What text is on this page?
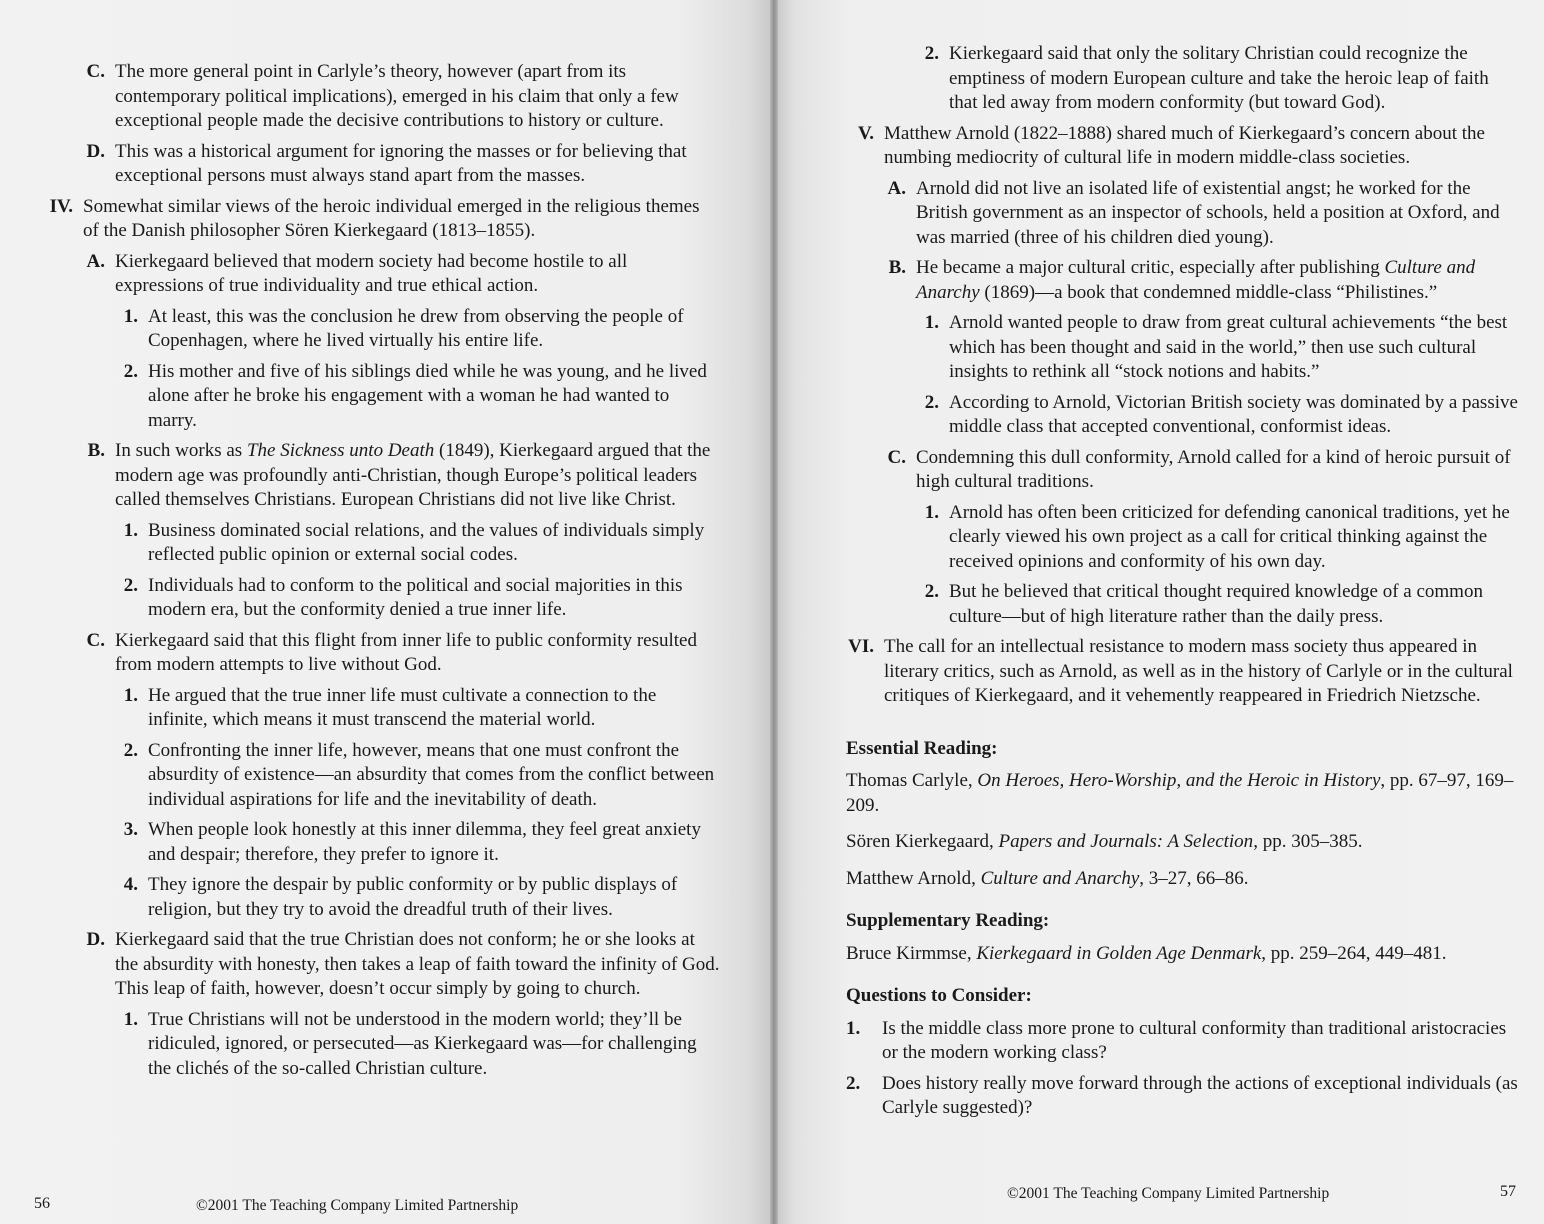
C. The more general point in Carlyle’s theory, however (apart from its contemporary political implications), emerged in his claim that only a few exceptional people made the decisive contributions to history or culture.
D. This was a historical argument for ignoring the masses or for believing that exceptional persons must always stand apart from the masses.
IV. Somewhat similar views of the heroic individual emerged in the religious themes of the Danish philosopher Sören Kierkegaard (1813–1855).
A. Kierkegaard believed that modern society had become hostile to all expressions of true individuality and true ethical action.
1. At least, this was the conclusion he drew from observing the people of Copenhagen, where he lived virtually his entire life.
2. His mother and five of his siblings died while he was young, and he lived alone after he broke his engagement with a woman he had wanted to marry.
B. In such works as The Sickness unto Death (1849), Kierkegaard argued that the modern age was profoundly anti-Christian, though Europe’s political leaders called themselves Christians. European Christians did not live like Christ.
1. Business dominated social relations, and the values of individuals simply reflected public opinion or external social codes.
2. Individuals had to conform to the political and social majorities in this modern era, but the conformity denied a true inner life.
C. Kierkegaard said that this flight from inner life to public conformity resulted from modern attempts to live without God.
1. He argued that the true inner life must cultivate a connection to the infinite, which means it must transcend the material world.
2. Confronting the inner life, however, means that one must confront the absurdity of existence—an absurdity that comes from the conflict between individual aspirations for life and the inevitability of death.
3. When people look honestly at this inner dilemma, they feel great anxiety and despair; therefore, they prefer to ignore it.
4. They ignore the despair by public conformity or by public displays of religion, but they try to avoid the dreadful truth of their lives.
D. Kierkegaard said that the true Christian does not conform; he or she looks at the absurdity with honesty, then takes a leap of faith toward the infinity of God. This leap of faith, however, doesn’t occur simply by going to church.
1. True Christians will not be understood in the modern world; they’ll be ridiculed, ignored, or persecuted—as Kierkegaard was—for challenging the clichés of the so-called Christian culture.
2. Kierkegaard said that only the solitary Christian could recognize the emptiness of modern European culture and take the heroic leap of faith that led away from modern conformity (but toward God).
V. Matthew Arnold (1822–1888) shared much of Kierkegaard’s concern about the numbing mediocrity of cultural life in modern middle-class societies.
A. Arnold did not live an isolated life of existential angst; he worked for the British government as an inspector of schools, held a position at Oxford, and was married (three of his children died young).
B. He became a major cultural critic, especially after publishing Culture and Anarchy (1869)—a book that condemned middle-class “Philistines.”
1. Arnold wanted people to draw from great cultural achievements “the best which has been thought and said in the world,” then use such cultural insights to rethink all “stock notions and habits.”
2. According to Arnold, Victorian British society was dominated by a passive middle class that accepted conventional, conformist ideas.
C. Condemning this dull conformity, Arnold called for a kind of heroic pursuit of high cultural traditions.
1. Arnold has often been criticized for defending canonical traditions, yet he clearly viewed his own project as a call for critical thinking against the received opinions and conformity of his own day.
2. But he believed that critical thought required knowledge of a common culture—but of high literature rather than the daily press.
VI. The call for an intellectual resistance to modern mass society thus appeared in literary critics, such as Arnold, as well as in the history of Carlyle or in the cultural critiques of Kierkegaard, and it vehemently reappeared in Friedrich Nietzsche.
Essential Reading:
Thomas Carlyle, On Heroes, Hero-Worship, and the Heroic in History, pp. 67–97, 169–209.
Sören Kierkegaard, Papers and Journals: A Selection, pp. 305–385.
Matthew Arnold, Culture and Anarchy, 3–27, 66–86.
Supplementary Reading:
Bruce Kirmmse, Kierkegaard in Golden Age Denmark, pp. 259–264, 449–481.
Questions to Consider:
1.	Is the middle class more prone to cultural conformity than traditional aristocracies or the modern working class?
2.	Does history really move forward through the actions of exceptional individuals (as Carlyle suggested)?
56	©2001 The Teaching Company Limited Partnership
©2001 The Teaching Company Limited Partnership	57
